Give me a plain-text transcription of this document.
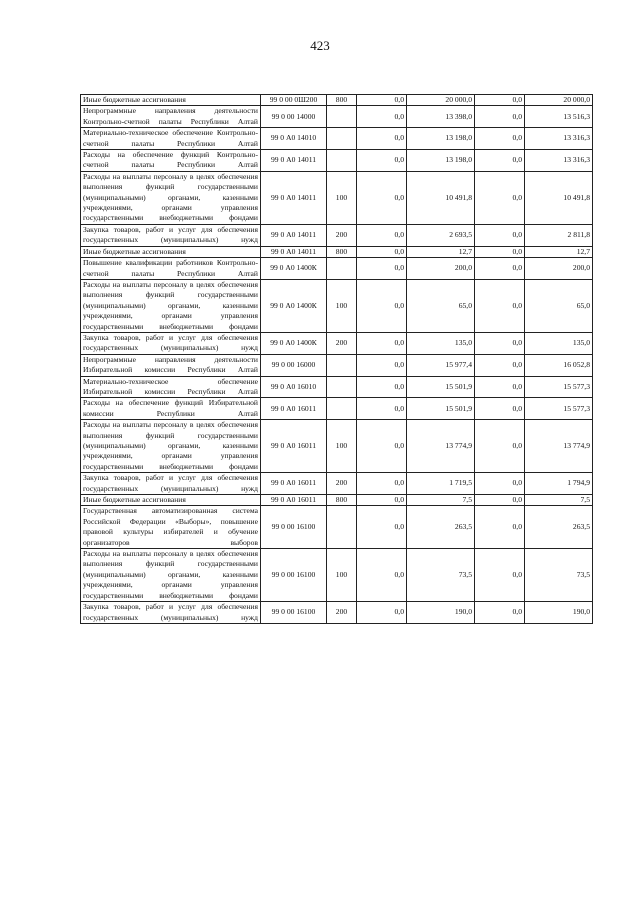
423
Иные бюджетные ассигнования	99 0 00 0Ш200	800	0,0	20 000,0	0,0	20 000,0
Непрограммные направления деятельности Контрольно-счетной палаты Республики Алтай	99 0 00 14000		0,0	13 398,0	0,0	13 516,3
Материально-техническое обеспечение Контрольно-счетной палаты Республики Алтай	99 0 А0 14010		0,0	13 198,0	0,0	13 316,3
Расходы на обеспечение функций Контрольно-счетной палаты Республики Алтай	99 0 А0 14011		0,0	13 198,0	0,0	13 316,3
Расходы на выплаты персоналу в целях обеспечения выполнения функций государственными (муниципальными) органами, казенными учреждениями, органами управления государственными внебюджетными фондами	99 0 А0 14011	100	0,0	10 491,8	0,0	10 491,8
Закупка товаров, работ и услуг для обеспечения государственных (муниципальных) нужд	99 0 А0 14011	200	0,0	2 693,5	0,0	2 811,8
Иные бюджетные ассигнования	99 0 А0 14011	800	0,0	12,7	0,0	12,7
Повышение квалификации работников Контрольно-счетной палаты Республики Алтай	99 0 А0 1400К		0,0	200,0	0,0	200,0
Расходы на выплаты персоналу в целях обеспечения выполнения функций государственными (муниципальными) органами, казенными учреждениями, органами управления государственными внебюджетными фондами	99 0 А0 1400К	100	0,0	65,0	0,0	65,0
Закупка товаров, работ и услуг для обеспечения государственных (муниципальных) нужд	99 0 А0 1400К	200	0,0	135,0	0,0	135,0
Непрограммные направления деятельности Избирательной комиссии Республики Алтай	99 0 00 16000		0,0	15 977,4	0,0	16 052,8
Материально-техническое обеспечение Избирательной комиссии Республики Алтай	99 0 А0 16010		0,0	15 501,9	0,0	15 577,3
Расходы на обеспечение функций Избирательной комиссии Республики Алтай	99 0 А0 16011		0,0	15 501,9	0,0	15 577,3
Расходы на выплаты персоналу в целях обеспечения выполнения функций государственными (муниципальными) органами, казенными учреждениями, органами управления государственными внебюджетными фондами	99 0 А0 16011	100	0,0	13 774,9	0,0	13 774,9
Закупка товаров, работ и услуг для обеспечения государственных (муниципальных) нужд	99 0 А0 16011	200	0,0	1 719,5	0,0	1 794,9
Иные бюджетные ассигнования	99 0 А0 16011	800	0,0	7,5	0,0	7,5
Государственная автоматизированная система Российской Федерации «Выборы», повышение правовой культуры избирателей и обучение организаторов выборов	99 0 00 16100		0,0	263,5	0,0	263,5
Расходы на выплаты персоналу в целях обеспечения выполнения функций государственными (муниципальными) органами, казенными учреждениями, органами управления государственными внебюджетными фондами	99 0 00 16100	100	0,0	73,5	0,0	73,5
Закупка товаров, работ и услуг для обеспечения государственных (муниципальных) нужд	99 0 00 16100	200	0,0	190,0	0,0	190,0
